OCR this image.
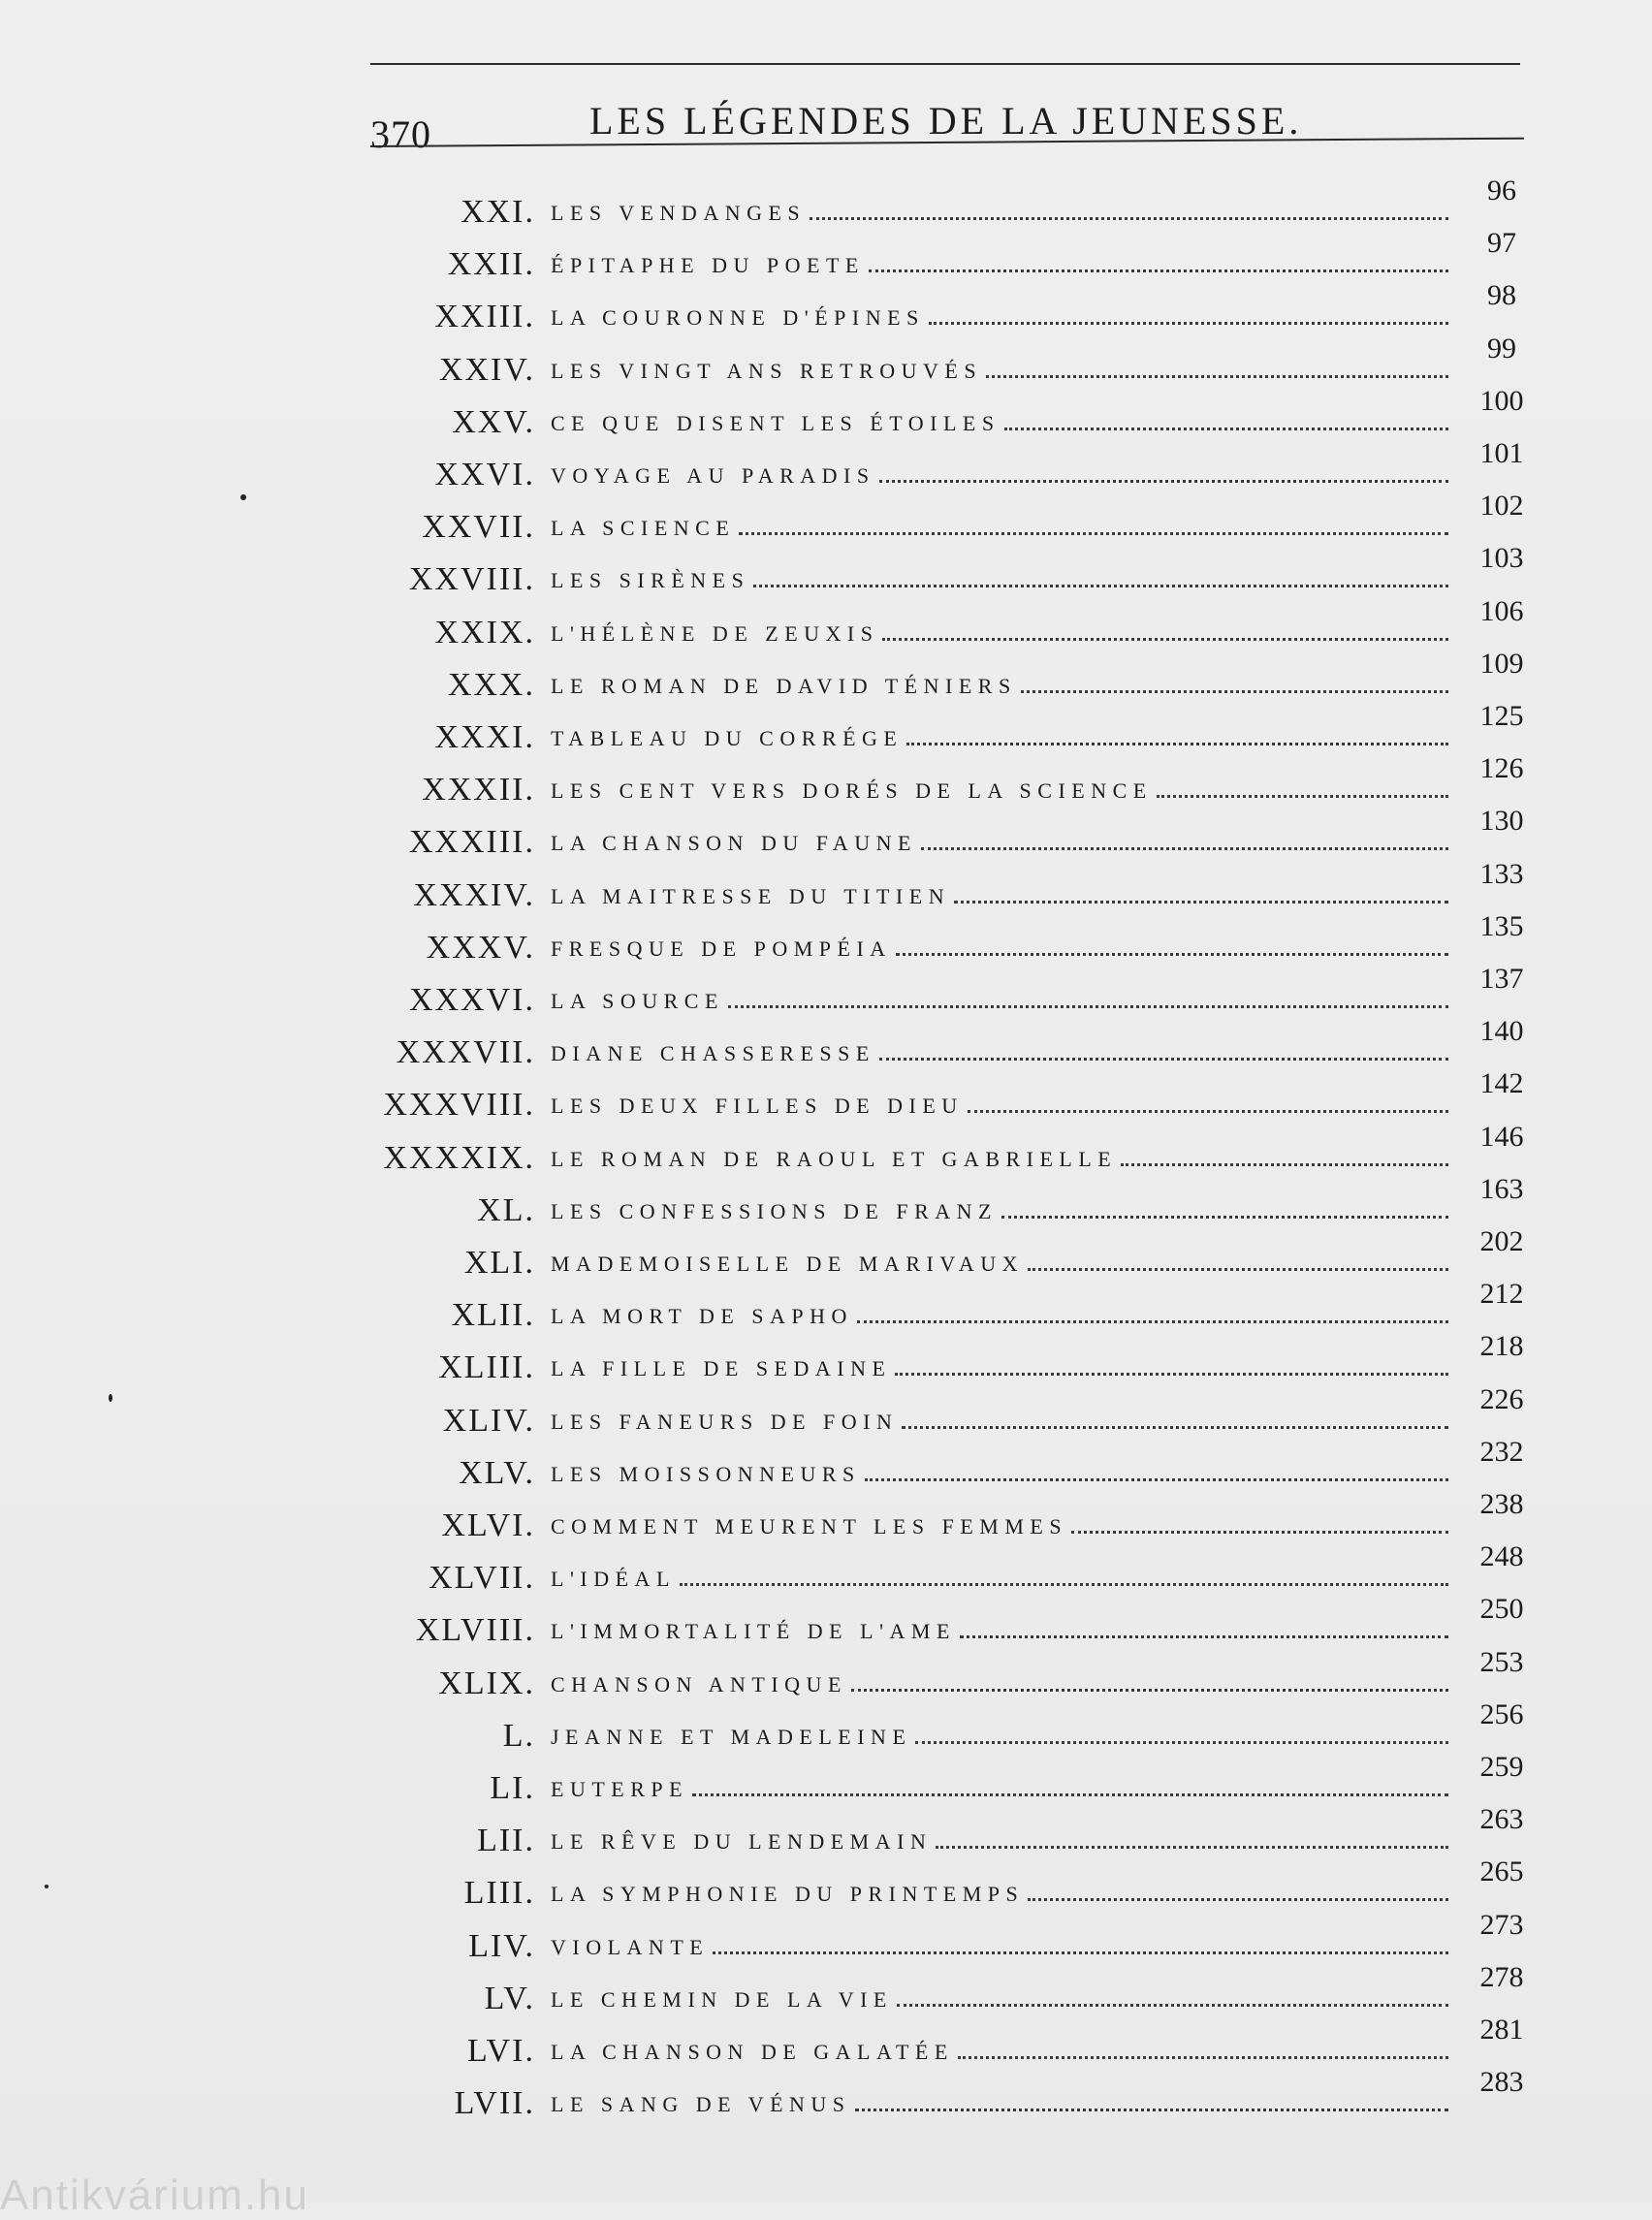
370	LES LÉGENDES DE LA JEUNESSE.
XXI. LES VENDANGES
96
XXII. ÉPITAPHE DU POETE
97
XXIII. LA COURONNE D'ÉPINES
98
XXIV. LES VINGT ANS RETROUVÉS
99
XXV. CE QUE DISENT LES ÉTOILES
100
XXVI. VOYAGE AU PARADIS
101
XXVII. LA SCIENCE
102
XXVIII. LES SIRÈNES
103
XXIX. L'HÉLÈNE DE ZEUXIS
106
XXX. LE ROMAN DE DAVID TÉNIERS
109
XXXI. TABLEAU DU CORRÉGE
125
XXXII. LES CENT VERS DORÉS DE LA SCIENCE
126
XXXIII. LA CHANSON DU FAUNE
130
XXXIV. LA MAITRESSE DU TITIEN
133
XXXV. FRESQUE DE POMPÉIA
135
XXXVI. LA SOURCE
137
XXXVII. DIANE CHASSERESSE
140
XXXVIII. LES DEUX FILLES DE DIEU
142
XXXXIX. LE ROMAN DE RAOUL ET GABRIELLE
146
XL. LES CONFESSIONS DE FRANZ
163
XLI. MADEMOISELLE DE MARIVAUX
202
XLII. LA MORT DE SAPHO
212
XLIII. LA FILLE DE SEDAINE
218
XLIV. LES FANEURS DE FOIN
226
XLV. LES MOISSONNEURS
232
XLVI. COMMENT MEURENT LES FEMMES
238
XLVII. L'IDÉAL
248
XLVIII. L'IMMORTALITÉ DE L'AME
250
XLIX. CHANSON ANTIQUE
253
L. JEANNE ET MADELEINE
256
LI. EUTERPE
259
LII. LE RÊVE DU LENDEMAIN
263
LIII. LA SYMPHONIE DU PRINTEMPS
265
LIV. VIOLANTE
273
LV. LE CHEMIN DE LA VIE
278
LVI. LA CHANSON DE GALATÉE
281
LVII. LE SANG DE VÉNUS
283
Antikvárium.hu
